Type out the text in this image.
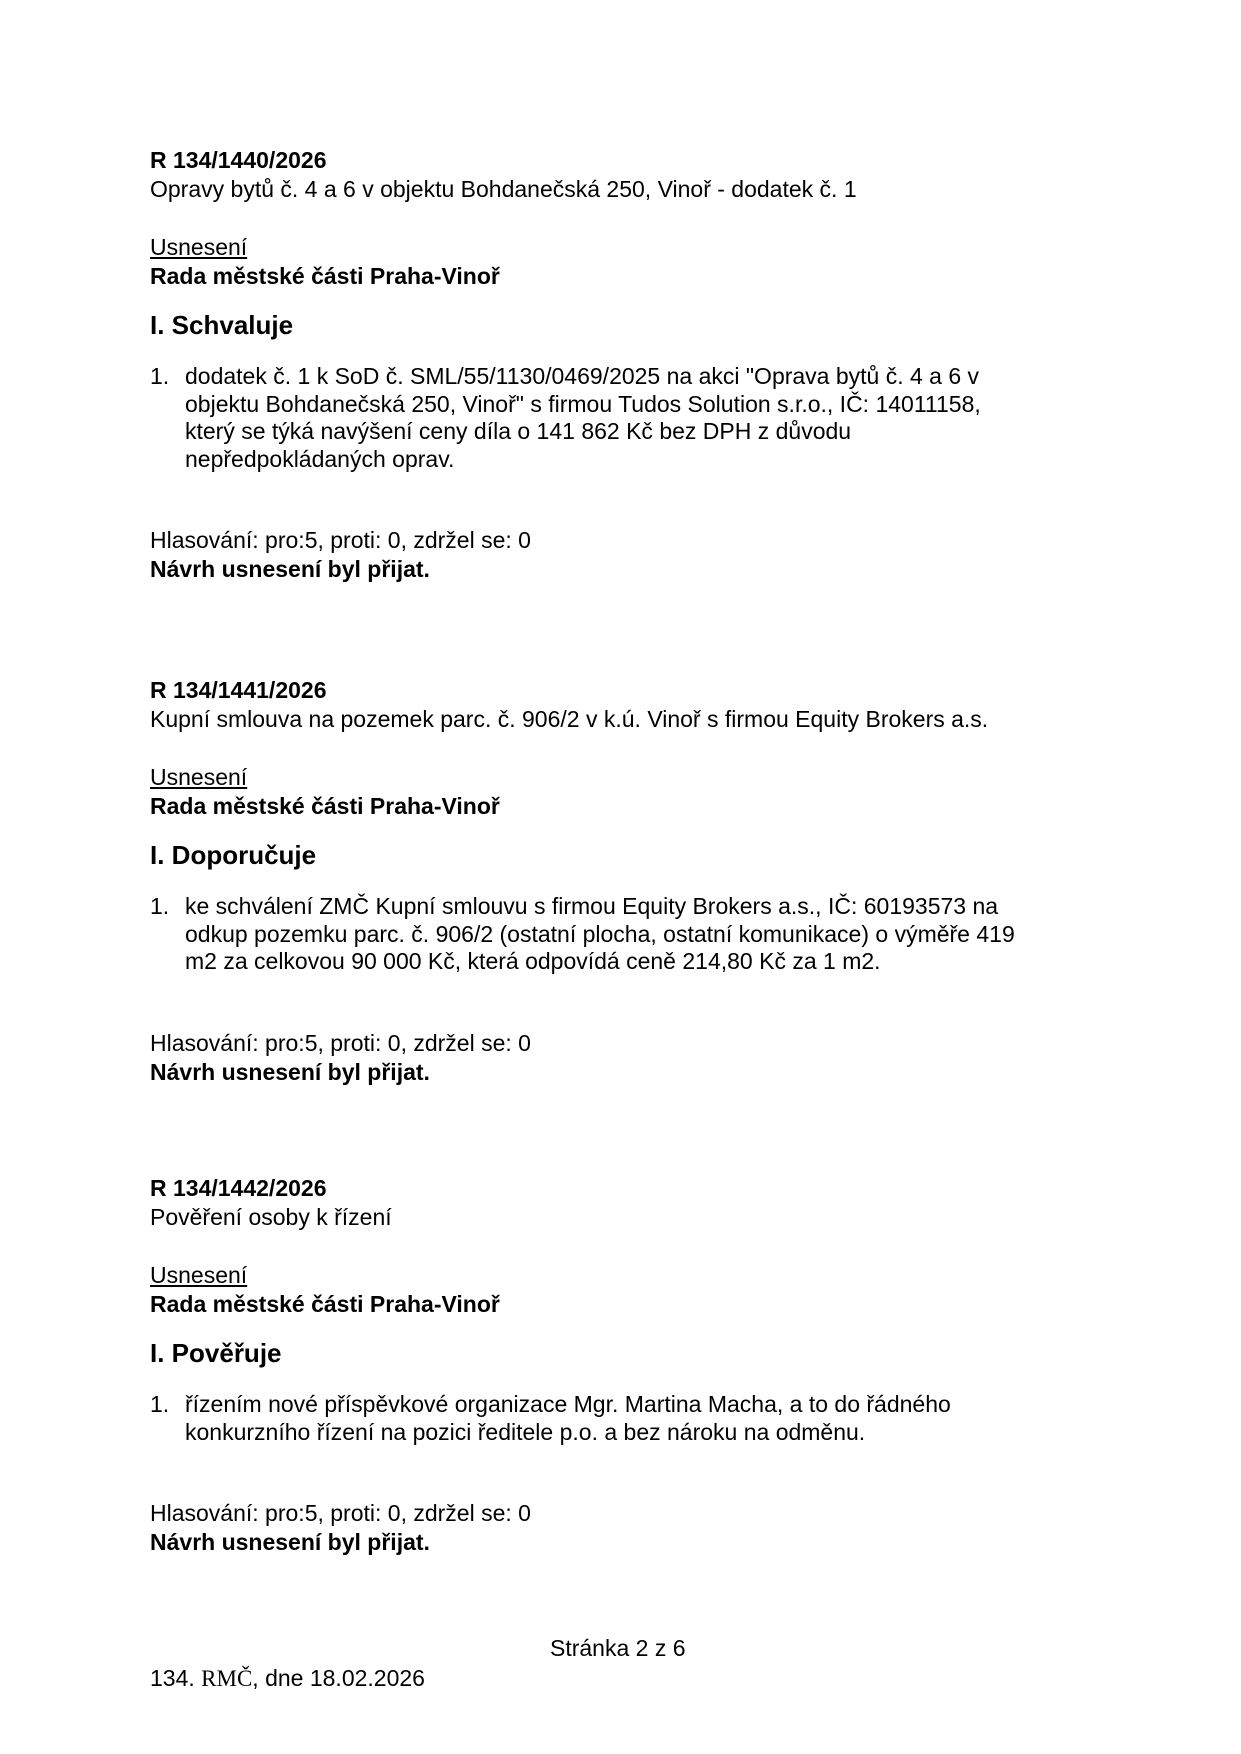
R 134/1440/2026

Opravy bytů č. 4 a 6 v objektu Bohdanečská 250, Vinoř - dodatek č. 1

Usnesení

Rada městské části Praha-Vinoř

I. Schvaluje

1. dodatek č. 1 k SoD č. SML/55/1130/0469/2025 na akci "Oprava bytů č. 4 a 6 v
objektu Bohdanečská 250, Vinoř" s firmou Tudos Solution s.r.o., IČ: 14011158,
který se týká navýšení ceny díla o 141 862 Kč bez DPH z důvodu
nepředpokládaných oprav.

Hlasování: pro:5, proti: 0, zdržel se: 0

Návrh usnesení byl přijat.

R 134/1441/2026

Kupní smlouva na pozemek parc. č. 906/2 v k.ú. Vinoř s firmou Equity Brokers a.s.

Usnesení

Rada městské části Praha-Vinoř

I. Doporučuje

1. ke schválení ZMČ Kupní smlouvu s firmou Equity Brokers a.s., IČ: 60193573 na
odkup pozemku parc. č. 906/2 (ostatní plocha, ostatní komunikace) o výměře 419
m2 za celkovou 90 000 Kč, která odpovídá ceně 214,80 Kč za 1 m2.

Hlasování: pro:5, proti: 0, zdržel se: 0

Návrh usnesení byl přijat.

R 134/1442/2026

Pověření osoby k řízení

Usnesení

Rada městské části Praha-Vinoř

I. Pověřuje

1. řízením nové příspěvkové organizace Mgr. Martina Macha, a to do řádného
konkurzního řízení na pozici ředitele p.o. a bez nároku na odměnu.

Hlasování: pro:5, proti: 0, zdržel se: 0

Návrh usnesení byl přijat.

Stránka 2 z 6
134. RMČ, dne 18.02.2026
